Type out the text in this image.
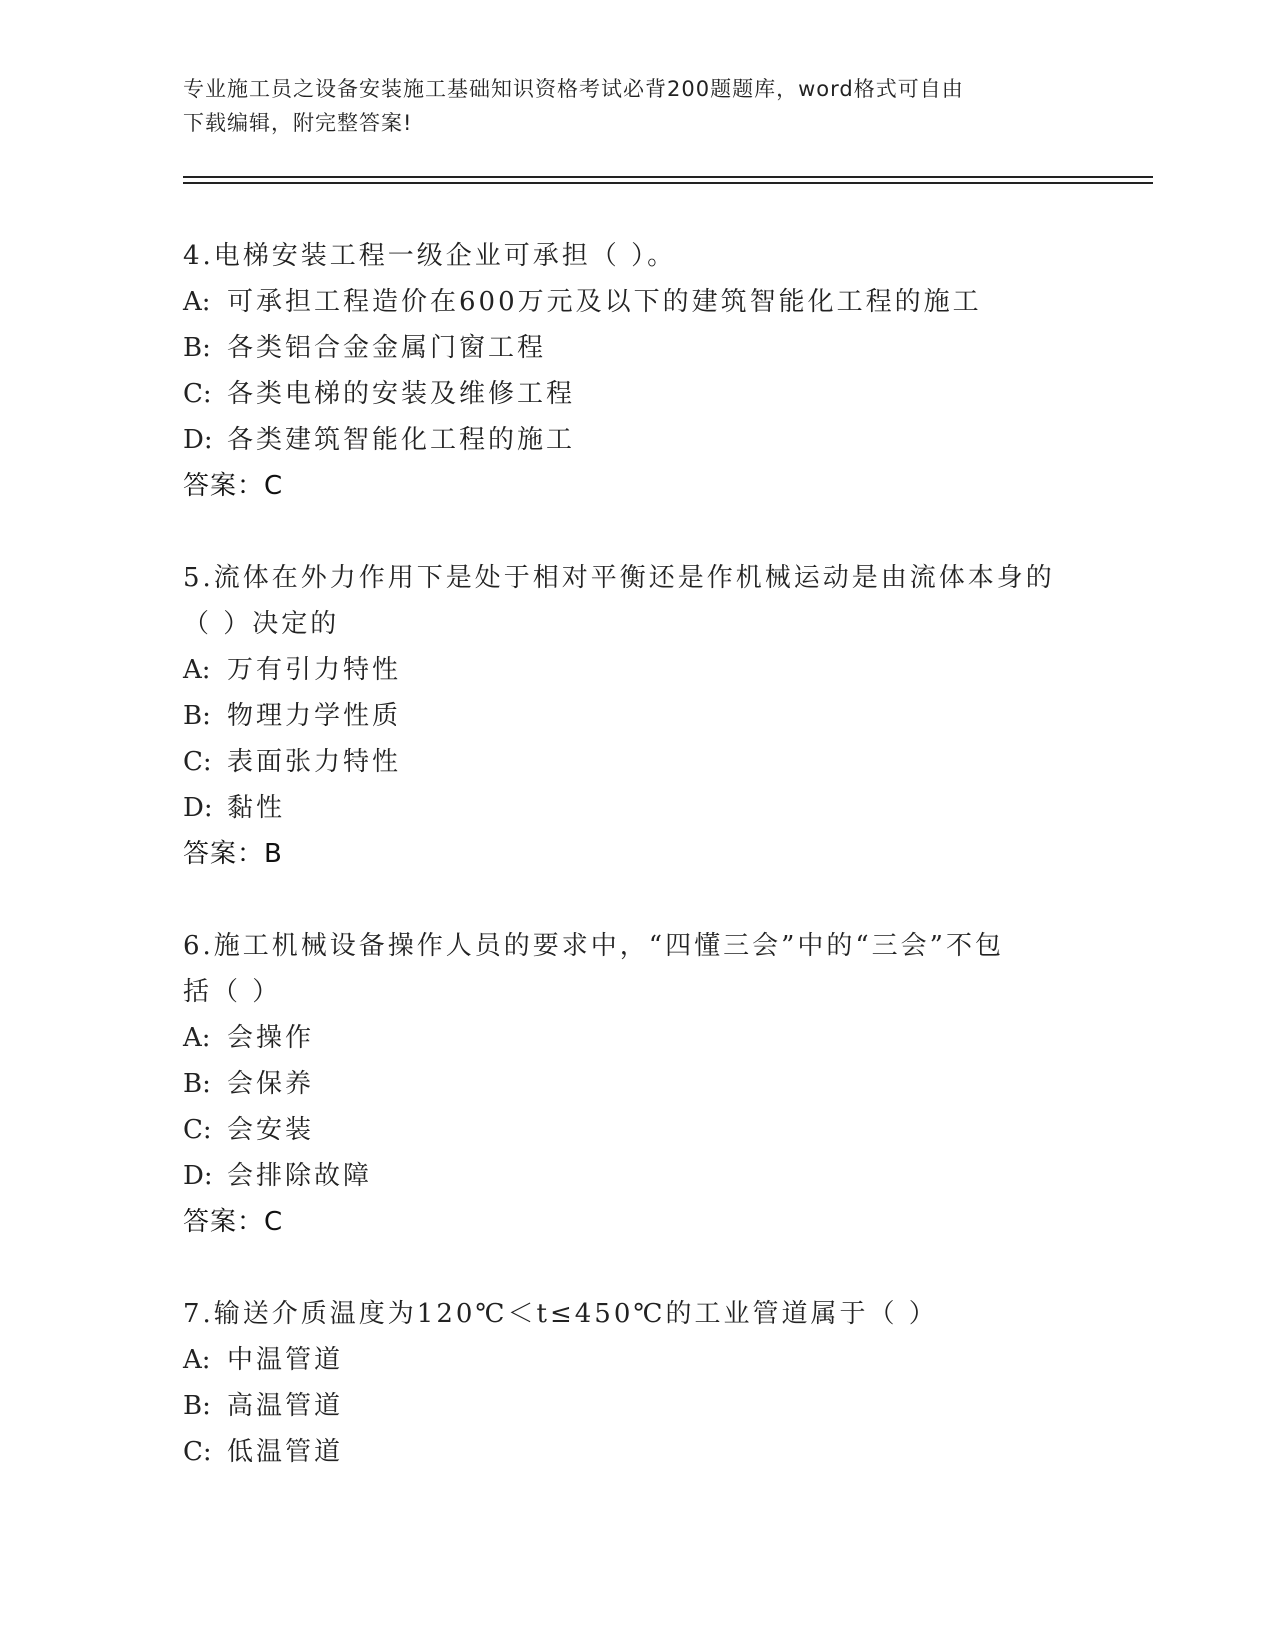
专业施工员之设备安装施工基础知识资格考试必背200题题库，word格式可自由
下载编辑，附完整答案!
4.电梯安装工程一级企业可承担（ ）。
A: 可承担工程造价在600万元及以下的建筑智能化工程的施工
B: 各类铝合金金属门窗工程
C: 各类电梯的安装及维修工程
D: 各类建筑智能化工程的施工
答案：C
5.流体在外力作用下是处于相对平衡还是作机械运动是由流体本身的
（ ）决定的
A: 万有引力特性
B: 物理力学性质
C: 表面张力特性
D: 黏性
答案：B
6.施工机械设备操作人员的要求中，“四懂三会”中的“三会”不包
括（ ）
A: 会操作
B: 会保养
C: 会安装
D: 会排除故障
答案：C
7.输送介质温度为120℃＜t≤450℃的工业管道属于（ ）
A: 中温管道
B: 高温管道
C: 低温管道
